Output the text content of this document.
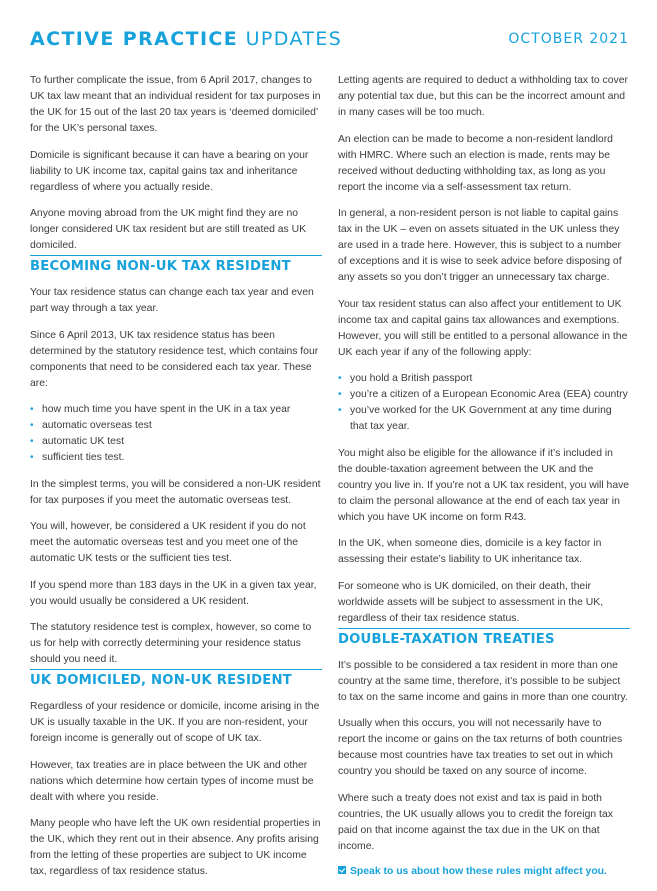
ACTIVE PRACTICE UPDATES	OCTOBER 2021

To further complicate the issue, from 6 April 2017, changes to UK tax law meant that an individual resident for tax purposes in the UK for 15 out of the last 20 tax years is ‘deemed domiciled’ for the UK’s personal taxes.

Domicile is significant because it can have a bearing on your liability to UK income tax, capital gains tax and inheritance regardless of where you actually reside.

Anyone moving abroad from the UK might find they are no longer considered UK tax resident but are still treated as UK domiciled.

BECOMING NON-UK TAX RESIDENT

Your tax residence status can change each tax year and even part way through a tax year.

Since 6 April 2013, UK tax residence status has been determined by the statutory residence test, which contains four components that need to be considered each tax year. These are:

• how much time you have spent in the UK in a tax year
• automatic overseas test
• automatic UK test
• sufficient ties test.

In the simplest terms, you will be considered a non-UK resident for tax purposes if you meet the automatic overseas test.

You will, however, be considered a UK resident if you do not meet the automatic overseas test and you meet one of the automatic UK tests or the sufficient ties test.

If you spend more than 183 days in the UK in a given tax year, you would usually be considered a UK resident.

The statutory residence test is complex, however, so come to us for help with correctly determining your residence status should you need it.

UK DOMICILED, NON-UK RESIDENT

Regardless of your residence or domicile, income arising in the UK is usually taxable in the UK. If you are non-resident, your foreign income is generally out of scope of UK tax.

However, tax treaties are in place between the UK and other nations which determine how certain types of income must be dealt with where you reside.

Many people who have left the UK own residential properties in the UK, which they rent out in their absence. Any profits arising from the letting of these properties are subject to UK income tax, regardless of tax residence status.

Letting agents are required to deduct a withholding tax to cover any potential tax due, but this can be the incorrect amount and in many cases will be too much.

An election can be made to become a non-resident landlord with HMRC. Where such an election is made, rents may be received without deducting withholding tax, as long as you report the income via a self-assessment tax return.

In general, a non-resident person is not liable to capital gains tax in the UK – even on assets situated in the UK unless they are used in a trade here. However, this is subject to a number of exceptions and it is wise to seek advice before disposing of any assets so you don’t trigger an unnecessary tax charge.

Your tax resident status can also affect your entitlement to UK income tax and capital gains tax allowances and exemptions. However, you will still be entitled to a personal allowance in the UK each year if any of the following apply:

• you hold a British passport
• you’re a citizen of a European Economic Area (EEA) country
• you’ve worked for the UK Government at any time during that tax year.

You might also be eligible for the allowance if it’s included in the double-taxation agreement between the UK and the country you live in. If you’re not a UK tax resident, you will have to claim the personal allowance at the end of each tax year in which you have UK income on form R43.

In the UK, when someone dies, domicile is a key factor in assessing their estate’s liability to UK inheritance tax.

For someone who is UK domiciled, on their death, their worldwide assets will be subject to assessment in the UK, regardless of their tax residence status.

DOUBLE-TAXATION TREATIES

It’s possible to be considered a tax resident in more than one country at the same time, therefore, it’s possible to be subject to tax on the same income and gains in more than one country.

Usually when this occurs, you will not necessarily have to report the income or gains on the tax returns of both countries because most countries have tax treaties to set out in which country you should be taxed on any source of income.

Where such a treaty does not exist and tax is paid in both countries, the UK usually allows you to credit the foreign tax paid on that income against the tax due in the UK on that income.

Speak to us about how these rules might affect you.
